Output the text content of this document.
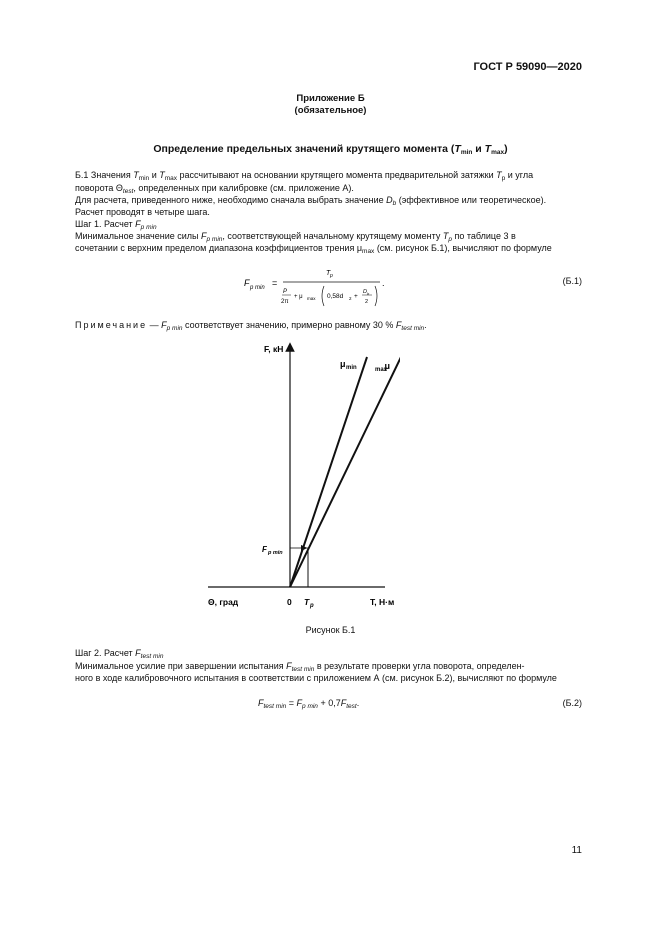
ГОСТ Р 59090—2020
Приложение Б
(обязательное)
Определение предельных значений крутящего момента ($T_{min}$ и $T_{max}$)
Б.1 Значения $T_{min}$ и $T_{max}$ рассчитывают на основании крутящего момента предварительной затяжки $T_p$ и угла
поворота $\Theta_{test}$, определенных при калибровке (см. приложение А).
Для расчета, приведенного ниже, необходимо сначала выбрать значение $D_b$ (эффективное или теоретическое).
Расчет проводят в четыре шага.
Шаг 1. Расчет $F_{p min}$
Минимальное значение силы $F_{p min}$, соответствующей начальному крутящему моменту $T_p$ по таблице 3 в
сочетании с верхним пределом диапазона коэффициентов трения $\mu_{max}$ (см. рисунок Б.1), вычисляют по формуле
F p min =
T p
P
2π
+ μ max 0,58d 2 +
D b
2
.	(Б.1)
Примечание — $F_{p min}$ соответствует значению, примерно равному 30 % $F_{test min}$.
F, кН
μ min	μ
max
F p min
Θ, град	0 T p	T, Н·м
Рисунок Б.1
Шаг 2. Расчет $F_{test min}$
Минимальное усилие при завершении испытания $F_{test min}$ в результате проверки угла поворота, определен-
ного в ходе калибровочного испытания в соответствии с приложением А (см. рисунок Б.2), вычисляют по формуле
$F_{test min} = F_{p min} + 0,7F_{test}$.	(Б.2)
11
